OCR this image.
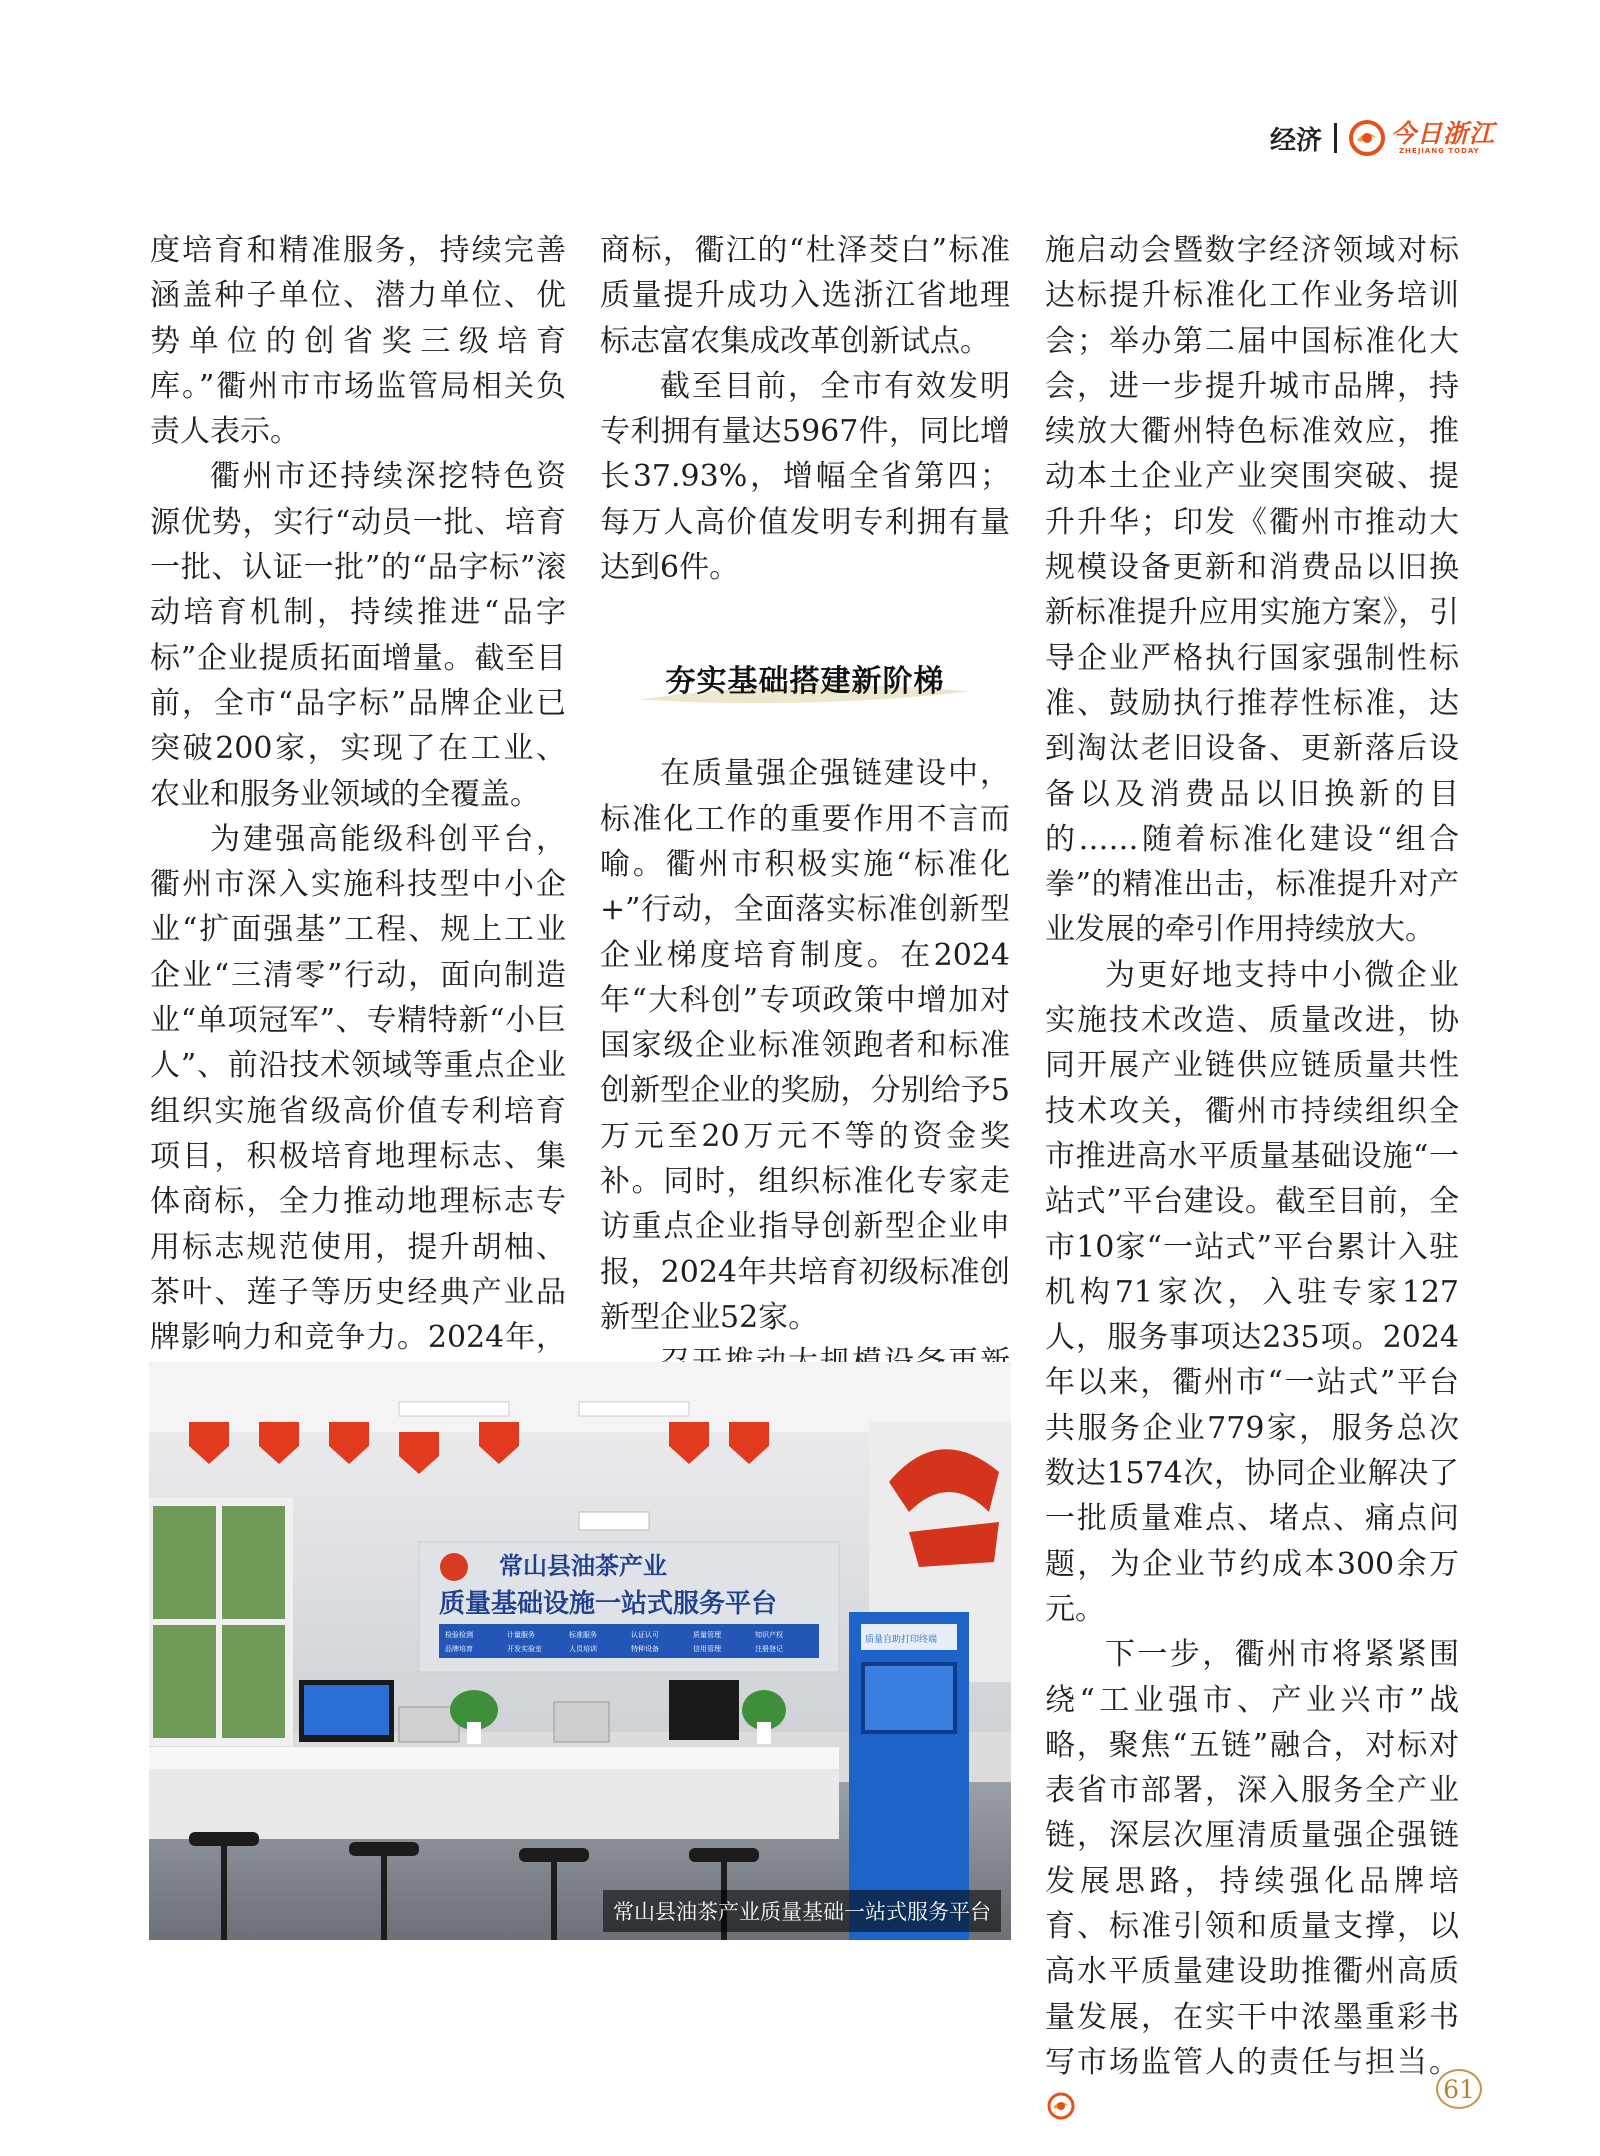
经济	今日浙江
ZHEJIANG TODAY

度培育和精准服务，持续完善涵盖种子单位、潜力单位、优势单位的创省奖三级培育库。”衢州市市场监管局相关负责人表示。

衢州市还持续深挖特色资源优势，实行“动员一批、培育一批、认证一批”的“品字标”滚动培育机制，持续推进“品字标”企业提质拓面增量。截至目前，全市“品字标”品牌企业已突破200家，实现了在工业、农业和服务业领域的全覆盖。

为建强高能级科创平台，衢州市深入实施科技型中小企业“扩面强基”工程、规上工业企业“三清零”行动，面向制造业“单项冠军”、专精特新“小巨人”、前沿技术领域等重点企业组织实施省级高价值专利培育项目，积极培育地理标志、集体商标，全力推动地理标志专用标志规范使用，提升胡柚、茶叶、莲子等历史经典产业品牌影响力和竞争力。2024年，

商标，衢江的“杜泽茭白”标准质量提升成功入选浙江省地理标志富农集成改革创新试点。

截至目前，全市有效发明专利拥有量达5967件，同比增长37.93%，增幅全省第四；每万人高价值发明专利拥有量达到6件。

夯实基础搭建新阶梯

在质量强企强链建设中，标准化工作的重要作用不言而喻。衢州市积极实施“标准化+”行动，全面落实标准创新型企业梯度培育制度。在2024年“大科创”专项政策中增加对国家级企业标准领跑者和标准创新型企业的奖励，分别给予5万元至20万元不等的资金奖补。同时，组织标准化专家走访重点企业指导创新型企业申报，2024年共培育初级标准创新型企业52家。

施启动会暨数字经济领域对标达标提升标准化工作业务培训会；举办第二届中国标准化大会，进一步提升城市品牌，持续放大衢州特色标准效应，推动本土企业产业突围突破、提升升华；印发《衢州市推动大规模设备更新和消费品以旧换新标准提升应用实施方案》，引导企业严格执行国家强制性标准、鼓励执行推荐性标准，达到淘汰老旧设备、更新落后设备以及消费品以旧换新的目的……随着标准化建设“组合拳”的精准出击，标准提升对产业发展的牵引作用持续放大。

为更好地支持中小微企业实施技术改造、质量改进，协同开展产业链供应链质量共性技术攻关，衢州市持续组织全市推进高水平质量基础设施“一站式”平台建设。截至目前，全市10家“一站式”平台累计入驻机构71家次，入驻专家127人，服务事项达235项。2024年以来，衢州市“一站式”平台共服务企业779家，服务总次数达1574次，协同企业解决了一批质量难点、堵点、痛点问题，为企业节约成本300余万元。

下一步，衢州市将紧紧围绕“工业强市、产业兴市”战略，聚焦“五链”融合，对标对表省市部署，深入服务全产业链，深层次厘清质量强企强链发展思路，持续强化品牌培育、标准引领和质量支撑，以高水平质量建设助推衢州高质量发展，在实干中浓墨重彩书写市场监管人的责任与担当。

常山县油茶产业
质量基础设施一站式服务平台
检验检测	计量服务	标准服务	认证认可	质量管理	知识产权
品牌培育	开发实验室	人员培训	特种设备	信用管理	注册登记
质量自助打印终端
常山县油茶产业质量基础一站式服务平台
61
